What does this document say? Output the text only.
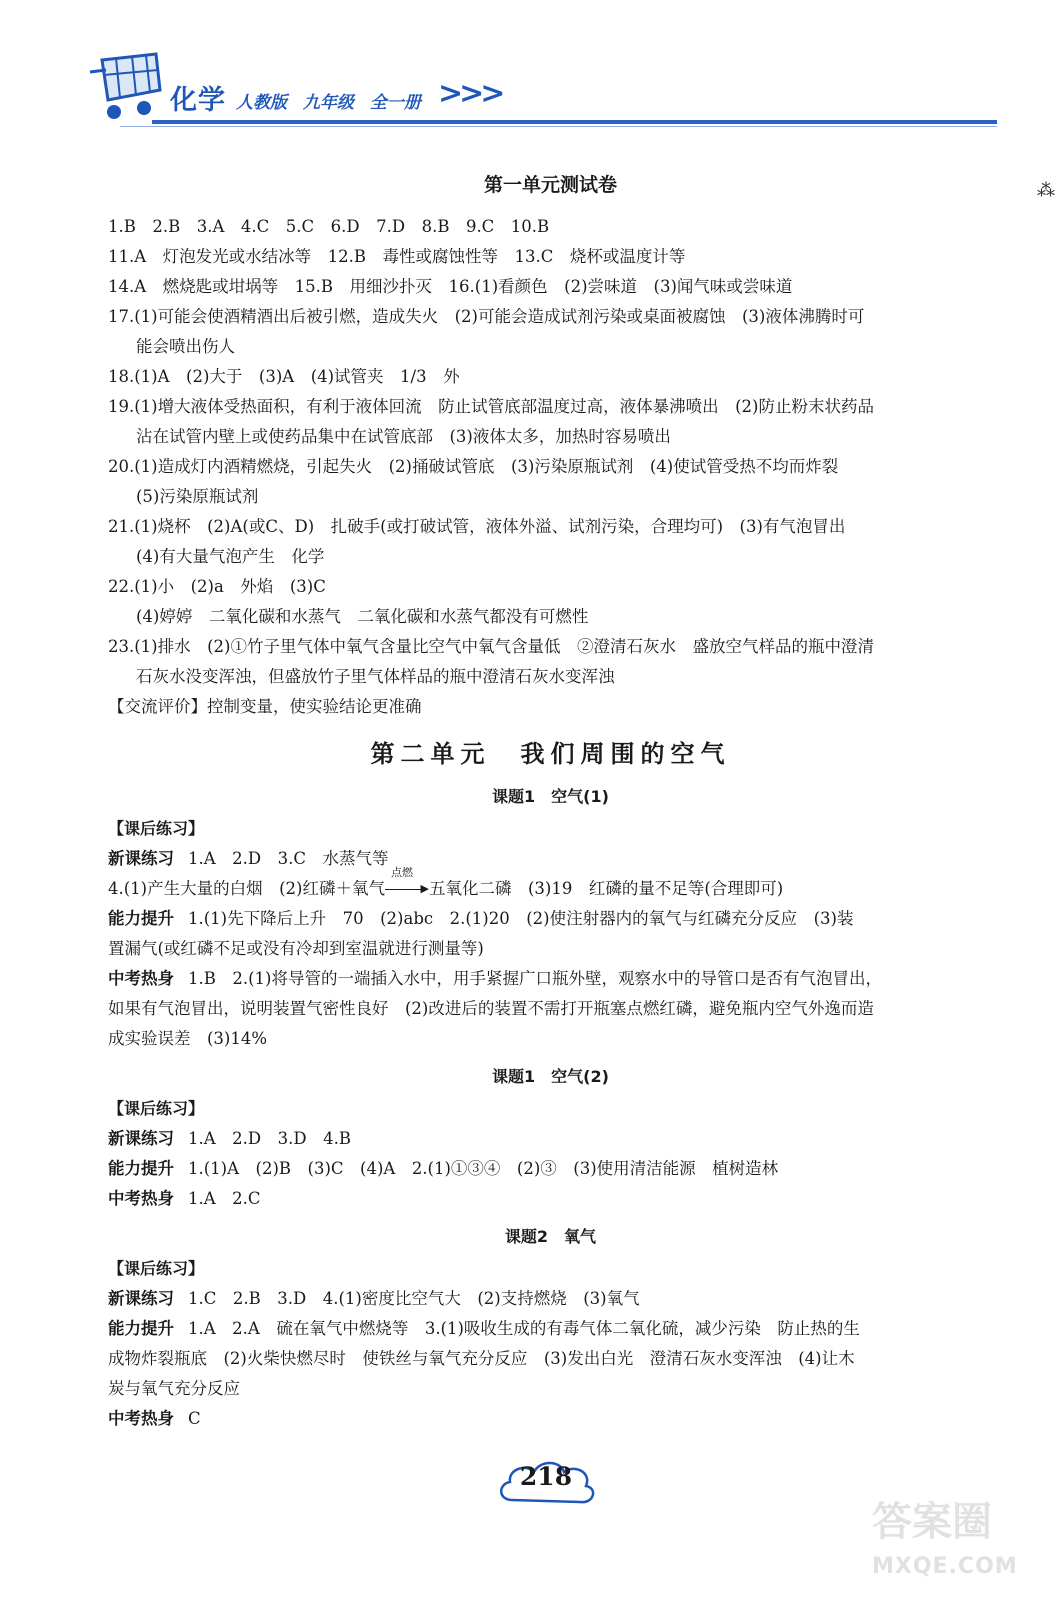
化学 人教版 九年级 全一册 >>>
⁂

第一单元测试卷

1.B　2.B　3.A　4.C　5.C　6.D　7.D　8.B　9.C　10.B

11.A　灯泡发光或水结冰等　12.B　毒性或腐蚀性等　13.C　烧杯或温度计等

14.A　燃烧匙或坩埚等　15.B　用细沙扑灭　16.(1)看颜色　(2)尝味道　(3)闻气味或尝味道

17.(1)可能会使酒精酒出后被引燃，造成失火　(2)可能会造成试剂污染或桌面被腐蚀　(3)液体沸腾时可

能会喷出伤人

18.(1)A　(2)大于　(3)A　(4)试管夹　1/3　外

19.(1)增大液体受热面积，有利于液体回流　防止试管底部温度过高，液体暴沸喷出　(2)防止粉末状药品

沾在试管内壁上或使药品集中在试管底部　(3)液体太多，加热时容易喷出

20.(1)造成灯内酒精燃烧，引起失火　(2)捅破试管底　(3)污染原瓶试剂　(4)使试管受热不均而炸裂

(5)污染原瓶试剂

21.(1)烧杯　(2)A(或C、D)　扎破手(或打破试管，液体外溢、试剂污染，合理均可)　(3)有气泡冒出

(4)有大量气泡产生　化学

22.(1)小　(2)a　外焰　(3)C

(4)婷婷　二氧化碳和水蒸气　二氧化碳和水蒸气都没有可燃性

23.(1)排水　(2)①竹子里气体中氧气含量比空气中氧气含量低　②澄清石灰水　盛放空气样品的瓶中澄清

石灰水没变浑浊，但盛放竹子里气体样品的瓶中澄清石灰水变浑浊

【交流评价】控制变量，使实验结论更准确

第二单元　我们周围的空气

课题1　空气(1)

【课后练习】

新课练习 1.A　2.D　3.C　水蒸气等

4.(1)产生大量的白烟　(2)红磷＋氧气
点燃
▶ 五氧化二磷　(3)19　红磷的量不足等(合理即可)

能力提升 1.(1)先下降后上升　70　(2)abc　2.(1)20　(2)使注射器内的氧气与红磷充分反应　(3)装

置漏气(或红磷不足或没有冷却到室温就进行测量等)

中考热身 1.B　2.(1)将导管的一端插入水中，用手紧握广口瓶外壁，观察水中的导管口是否有气泡冒出，

如果有气泡冒出，说明装置气密性良好　(2)改进后的装置不需打开瓶塞点燃红磷，避免瓶内空气外逸而造

成实验误差　(3)14%

课题1　空气(2)

【课后练习】

新课练习 1.A　2.D　3.D　4.B

能力提升 1.(1)A　(2)B　(3)C　(4)A　2.(1)①③④　(2)③　(3)使用清洁能源　植树造林

中考热身 1.A　2.C

课题2　氧气

【课后练习】

新课练习 1.C　2.B　3.D　4.(1)密度比空气大　(2)支持燃烧　(3)氧气

能力提升 1.A　2.A　硫在氧气中燃烧等　3.(1)吸收生成的有毒气体二氧化硫，减少污染　防止热的生

成物炸裂瓶底　(2)火柴快燃尽时　使铁丝与氧气充分反应　(3)发出白光　澄清石灰水变浑浊　(4)让木

炭与氧气充分反应

中考热身 C

218
答案圈
MXQE.COM
